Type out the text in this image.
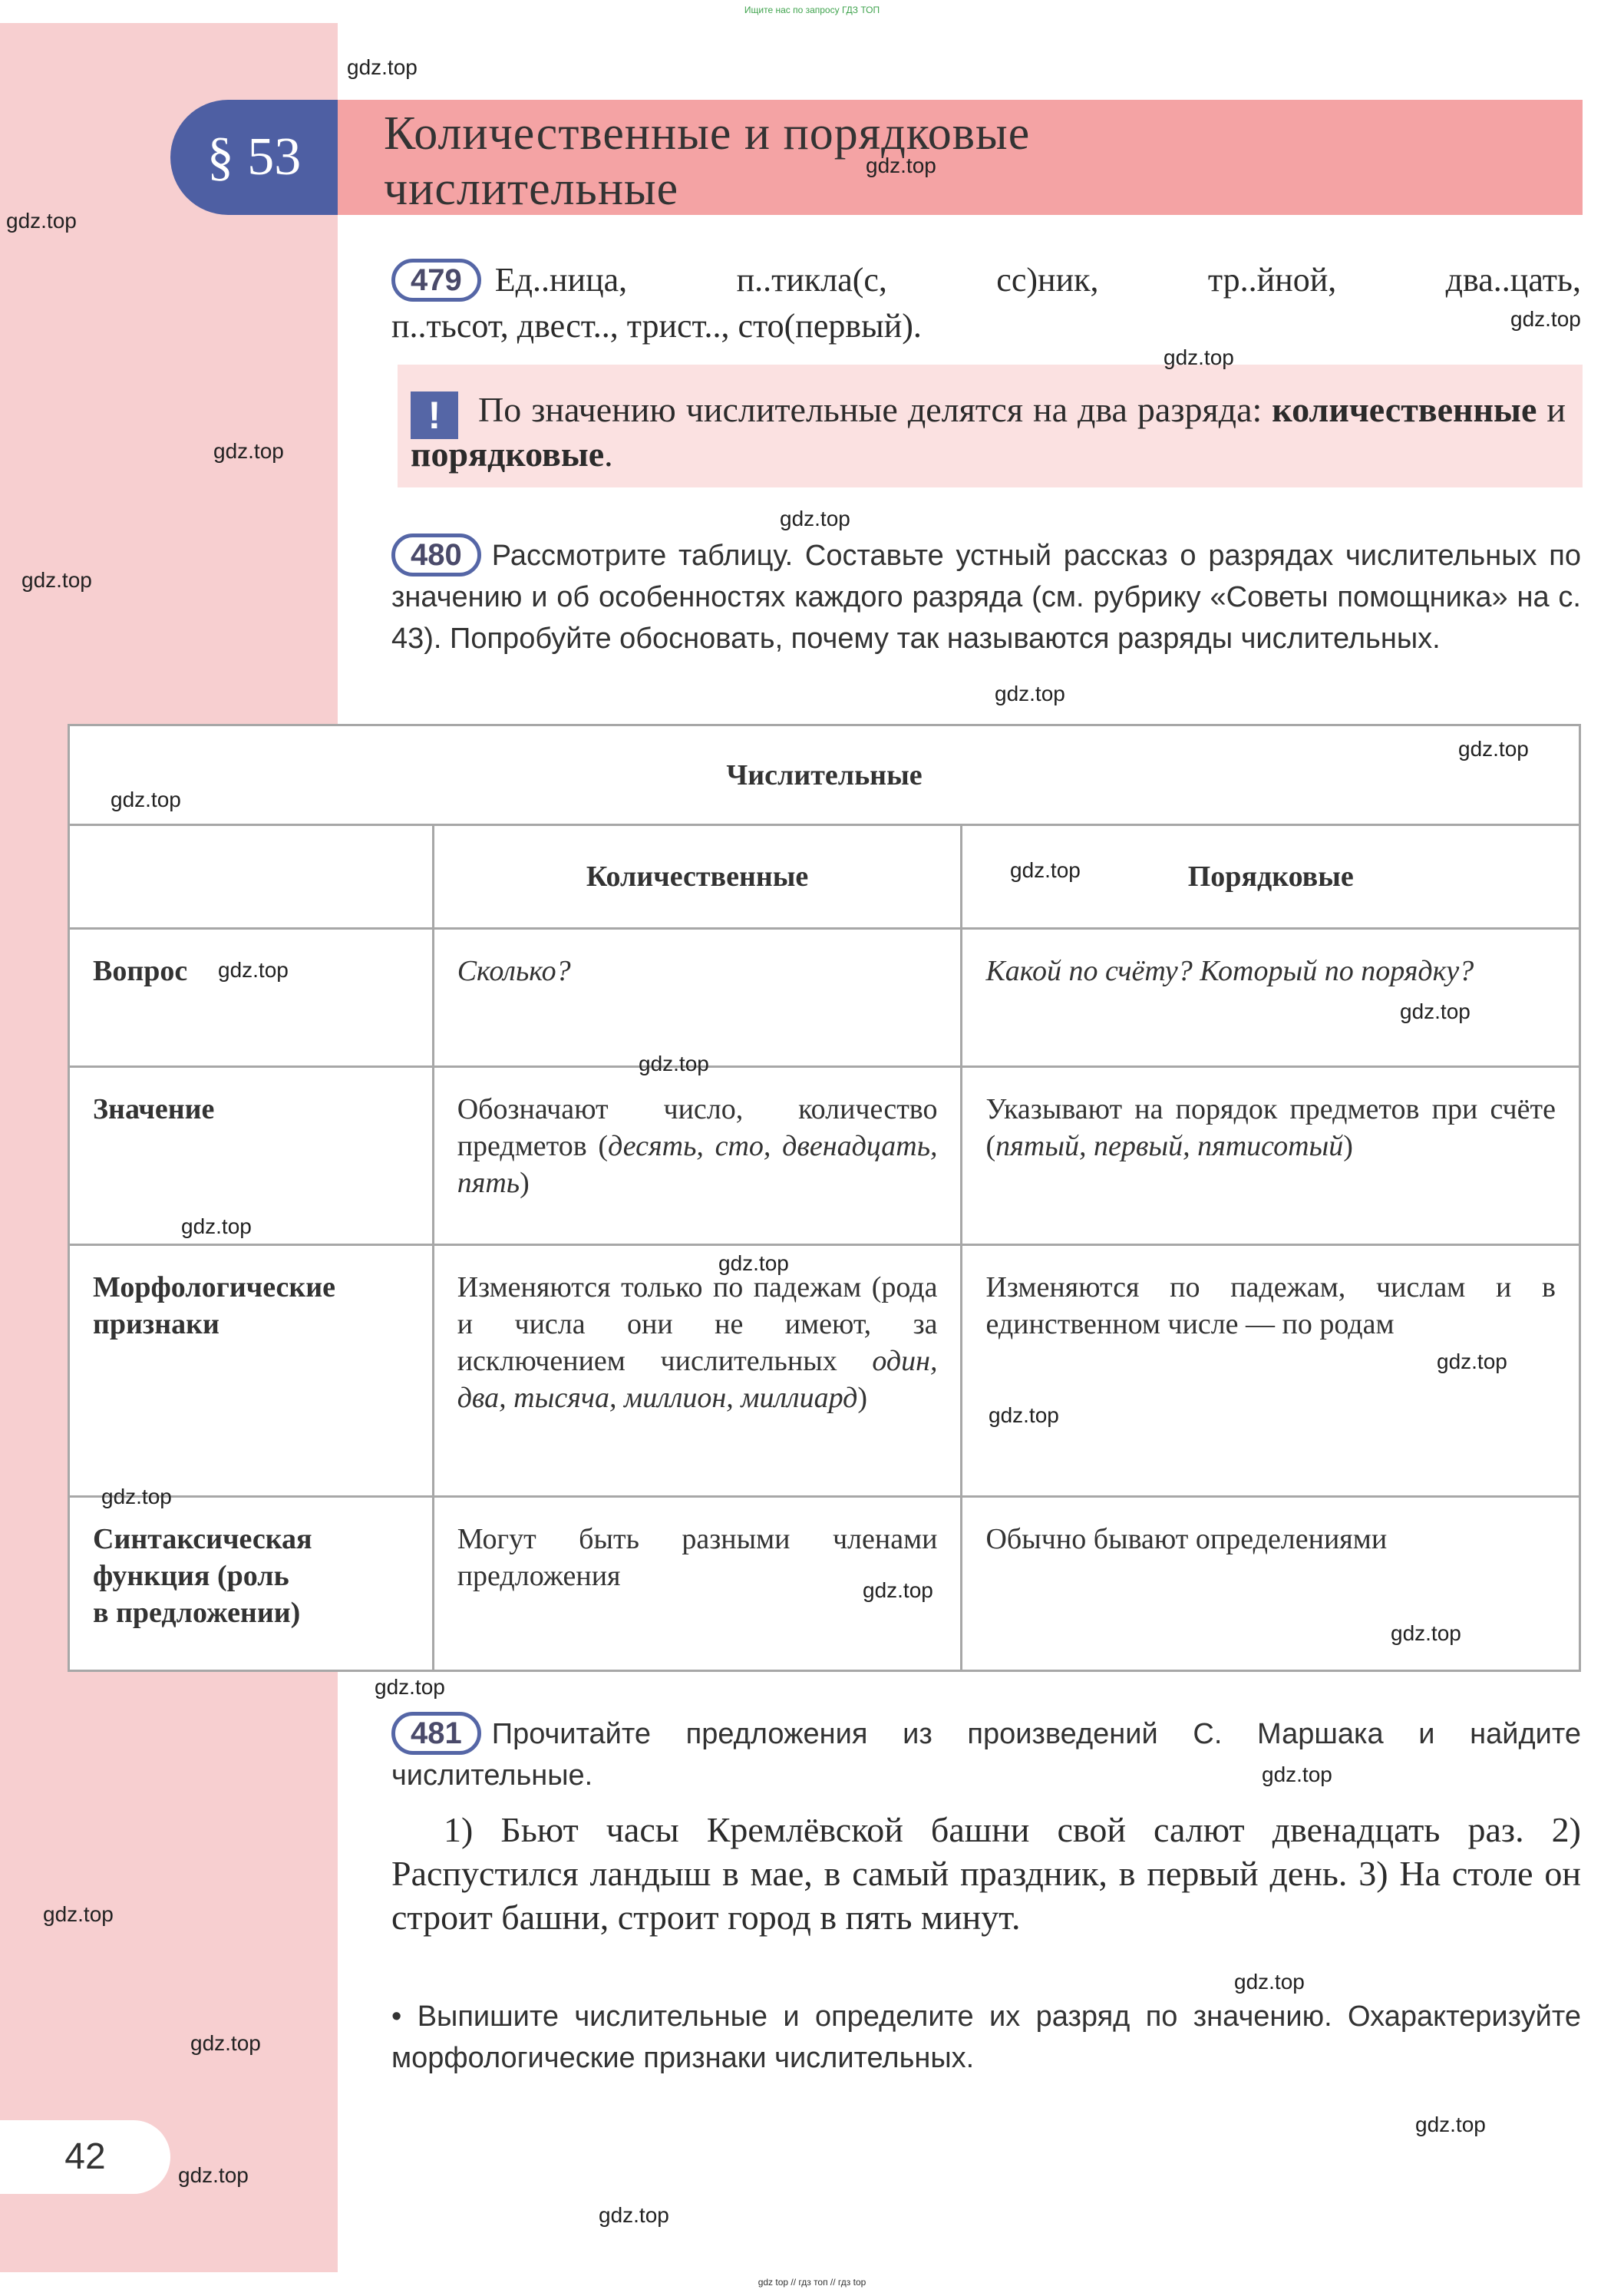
Ищите нас по запросу ГДЗ ТОП
§ 53	Количественные и порядковые
числительные
479 Ед..ница, п..тикла(с, сс)ник, тр..йной, два..цать,
п..тьсот, двест.., трист.., сто(первый).
!	По значению числительные делятся на два разряда: количественные и порядковые.
480 Рассмотрите таблицу. Составьте устный рассказ о разрядах числительных по значению и об особенностях каждого разряда (см. рубрику «Советы помощника» на с. 43). Попробуйте обосновать, почему так называются разряды числительных.
Числительные		
	Количественные	Порядковые
Вопрос	Сколько?	Какой по счёту? Который по порядку?
Значение	Обозначают число, количество предметов (десять, сто, двенадцать, пять)	Указывают на порядок предметов при счёте (пятый, первый, пятисотый)

Морфологические
признаки	Изменяются только по падежам (рода и числа они не имеют, за исключением числительных один, два, тысяча, миллион, миллиард)	Изменяются по падежам, числам и в единственном числе — по родам

Синтаксическая
функция (роль
в предложении)	Могут быть разными членами предложения	Обычно бывают определениями
481 Прочитайте предложения из произведений С. Маршака и найдите числительные.
1) Бьют часы Кремлёвской башни свой салют двенадцать раз. 2) Распустился ландыш в мае, в самый праздник, в первый день. 3) На столе он строит башни, строит город в пять минут.
• Выпишите числительные и определите их разряд по значению. Охарактеризуйте морфологические признаки числительных.
42
gdz.top
gdz.top
gdz.top
gdz.top
gdz.top
gdz.top
gdz.top
gdz.top
gdz.top
gdz.top
gdz.top
gdz.top
gdz.top
gdz.top
gdz.top
gdz.top
gdz.top
gdz.top
gdz.top
gdz.top
gdz.top
gdz.top
gdz.top
gdz.top
gdz.top
gdz.top
gdz.top
gdz.top
gdz.top
gdz.top
gdz top // гдз топ // гдз top
